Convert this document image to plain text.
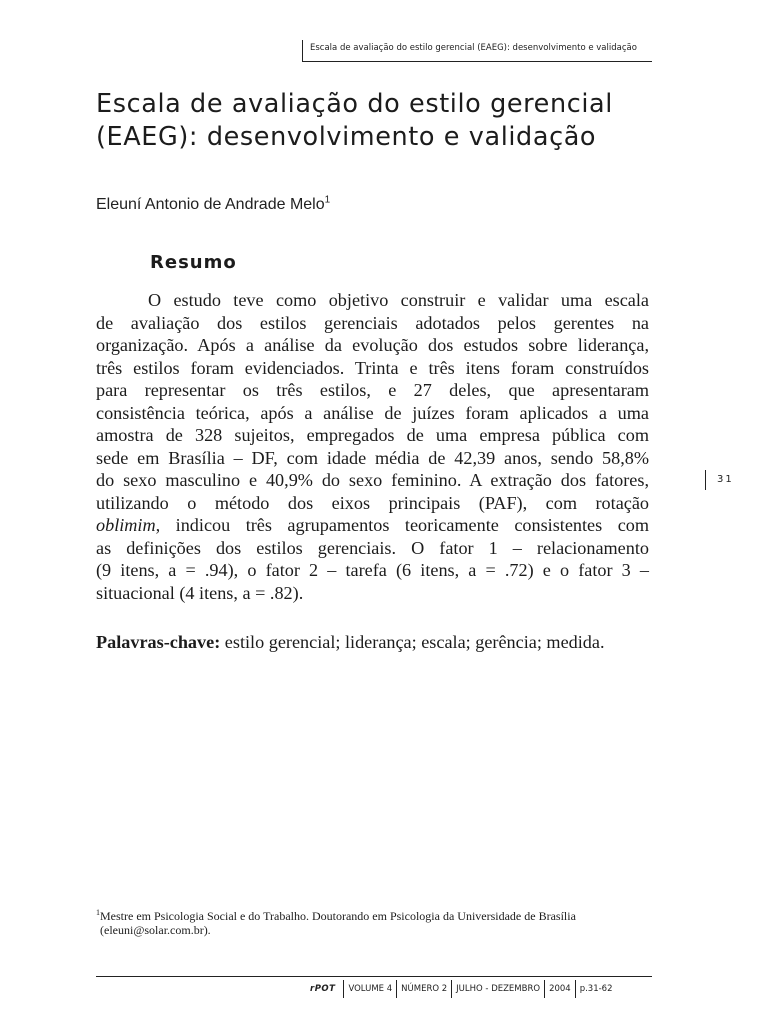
Escala de avaliação do estilo gerencial (EAEG): desenvolvimento e validação
Escala de avaliação do estilo gerencial
(EAEG): desenvolvimento e validação
Eleuní Antonio de Andrade Melo$^1$
Resumo
O estudo teve como objetivo construir e validar uma escala
de avaliação dos estilos gerenciais adotados pelos gerentes na
organização. Após a análise da evolução dos estudos sobre liderança,
três estilos foram evidenciados. Trinta e três itens foram construídos
para representar os três estilos, e 27 deles, que apresentaram
consistência teórica, após a análise de juízes foram aplicados a uma
amostra de 328 sujeitos, empregados de uma empresa pública com
sede em Brasília – DF, com idade média de 42,39 anos, sendo 58,8%
do sexo masculino e 40,9% do sexo feminino. A extração dos fatores,
utilizando o método dos eixos principais (PAF), com rotação
oblimim, indicou três agrupamentos teoricamente consistentes com
as definições dos estilos gerenciais. O fator 1 – relacionamento
(9 itens, a = .94), o fator 2 – tarefa (6 itens, a = .72) e o fator 3 –
situacional (4 itens, a = .82).
Palavras-chave: estilo gerencial; liderança; escala; gerência; medida.
31
$^1$Mestre em Psicologia Social e do Trabalho. Doutorando em Psicologia da Universidade de Brasília
(eleuni@solar.com.br).
rPOT VOLUME 4 NÚMERO 2 JULHO - DEZEMBRO 2004 p.31-62
